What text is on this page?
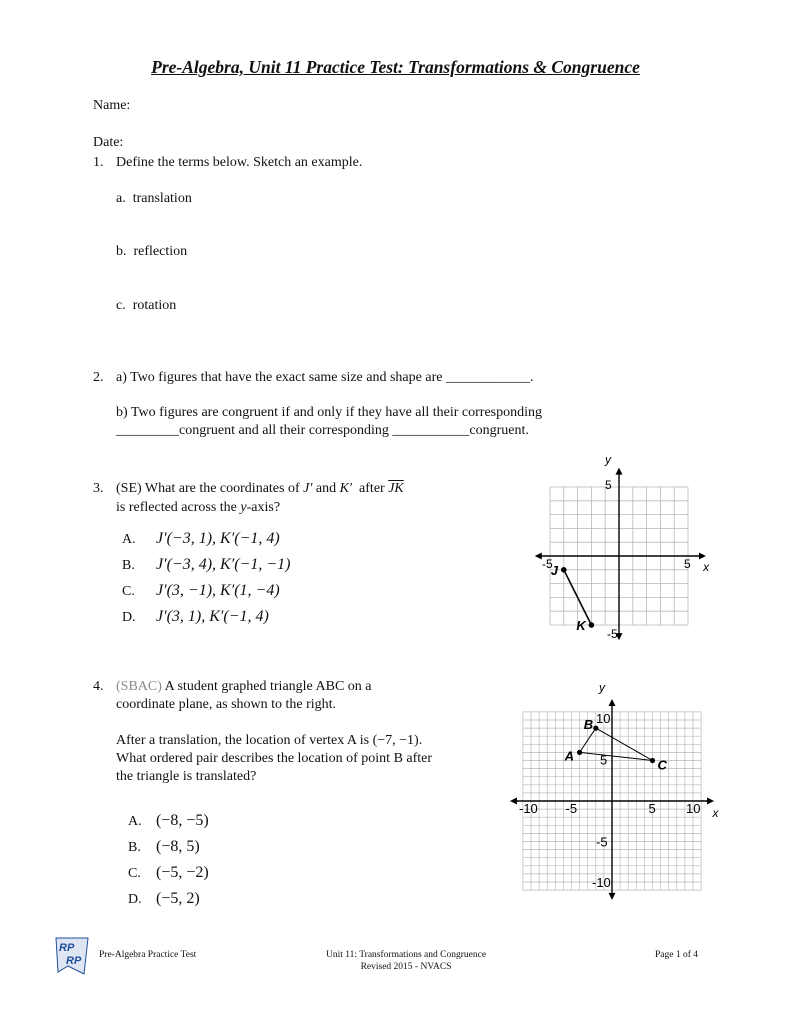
Pre-Algebra, Unit 11 Practice Test: Transformations & Congruence
Name:
Date:
1. Define the terms below. Sketch an example.
a. translation
b. reflection
c. rotation
2. a) Two figures that have the exact same size and shape are ____________.
b) Two figures are congruent if and only if they have all their corresponding
_________congruent and all their corresponding ___________congruent.
3. (SE) What are the coordinates of J′ and K′ after $\overline{JK}$
is reflected across the y-axis?
A. J′(−3, 1), K′(−1, 4)
B. J′(−3, 4), K′(−1, −1)
C. J′(3, −1), K′(1, −4)
D. J′(3, 1), K′(−1, 4)
y
x
5
5
-5
-5
J
K
4. (SBAC) A student graphed triangle ABC on a
coordinate plane, as shown to the right.
After a translation, the location of vertex A is (−7, −1).
What ordered pair describes the location of point B after
the triangle is translated?
A. (−8, −5)
B. (−8, 5)
C. (−5, −2)
D. (−5, 2)
y
x
-10 -5	5 10
10
5
-5
-10
A
B
C
RP
RP Pre-Algebra Practice Test	Unit 11: Transformations and Congruence
Revised 2015 - NVACS
Page 1 of 4
